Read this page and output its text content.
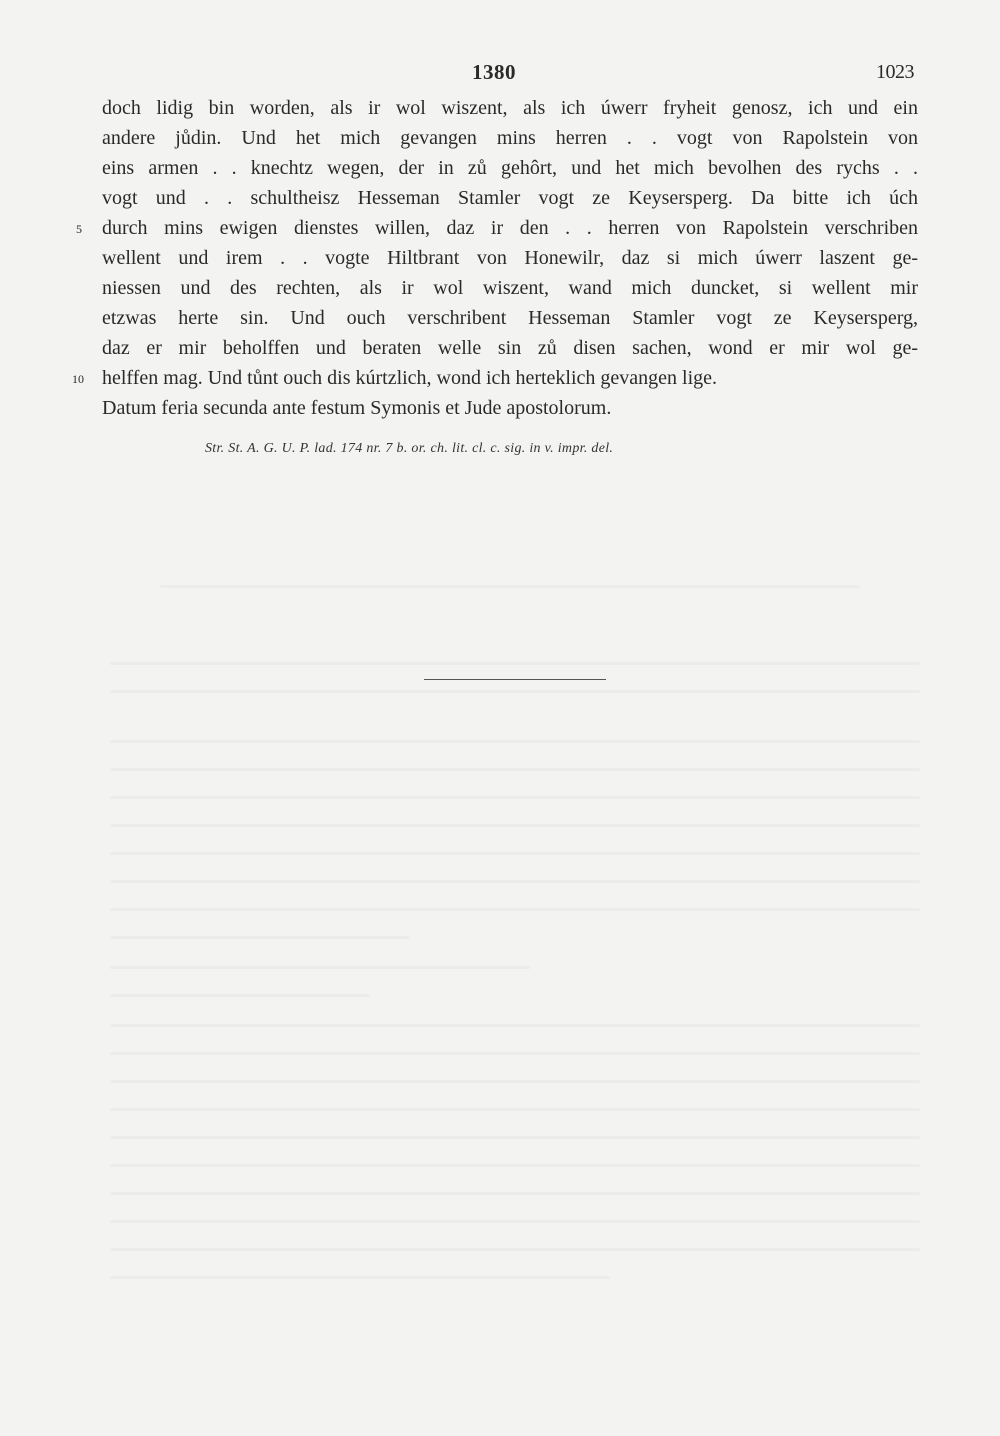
1380	1023
doch lidig bin worden, als ir wol wiszent, als ich úwerr fryheit genosz, ich und ein
andere jůdin. Und het mich gevangen mins herren . . vogt von Rapolstein von
eins armen . . knechtz wegen, der in zů gehôrt, und het mich bevolhen des rychs . .
vogt und . . schultheisz Hesseman Stamler vogt ze Keysersperg. Da bitte ich úch
durch mins ewigen dienstes willen, daz ir den . . herren von Rapolstein verschriben
wellent und irem . . vogte Hiltbrant von Honewilr, daz si mich úwerr laszent ge-
niessen und des rechten, als ir wol wiszent, wand mich duncket, si wellent mir
etzwas herte sin. Und ouch verschribent Hesseman Stamler vogt ze Keysersperg,
daz er mir beholffen und beraten welle sin zů disen sachen, wond er mir wol ge-
helffen mag. Und tůnt ouch dis kúrtzlich, wond ich herteklich gevangen lige.
Datum feria secunda ante festum Symonis et Jude apostolorum.
5
10
Str. St. A. G. U. P. lad. 174 nr. 7 b. or. ch. lit. cl. c. sig. in v. impr. del.
